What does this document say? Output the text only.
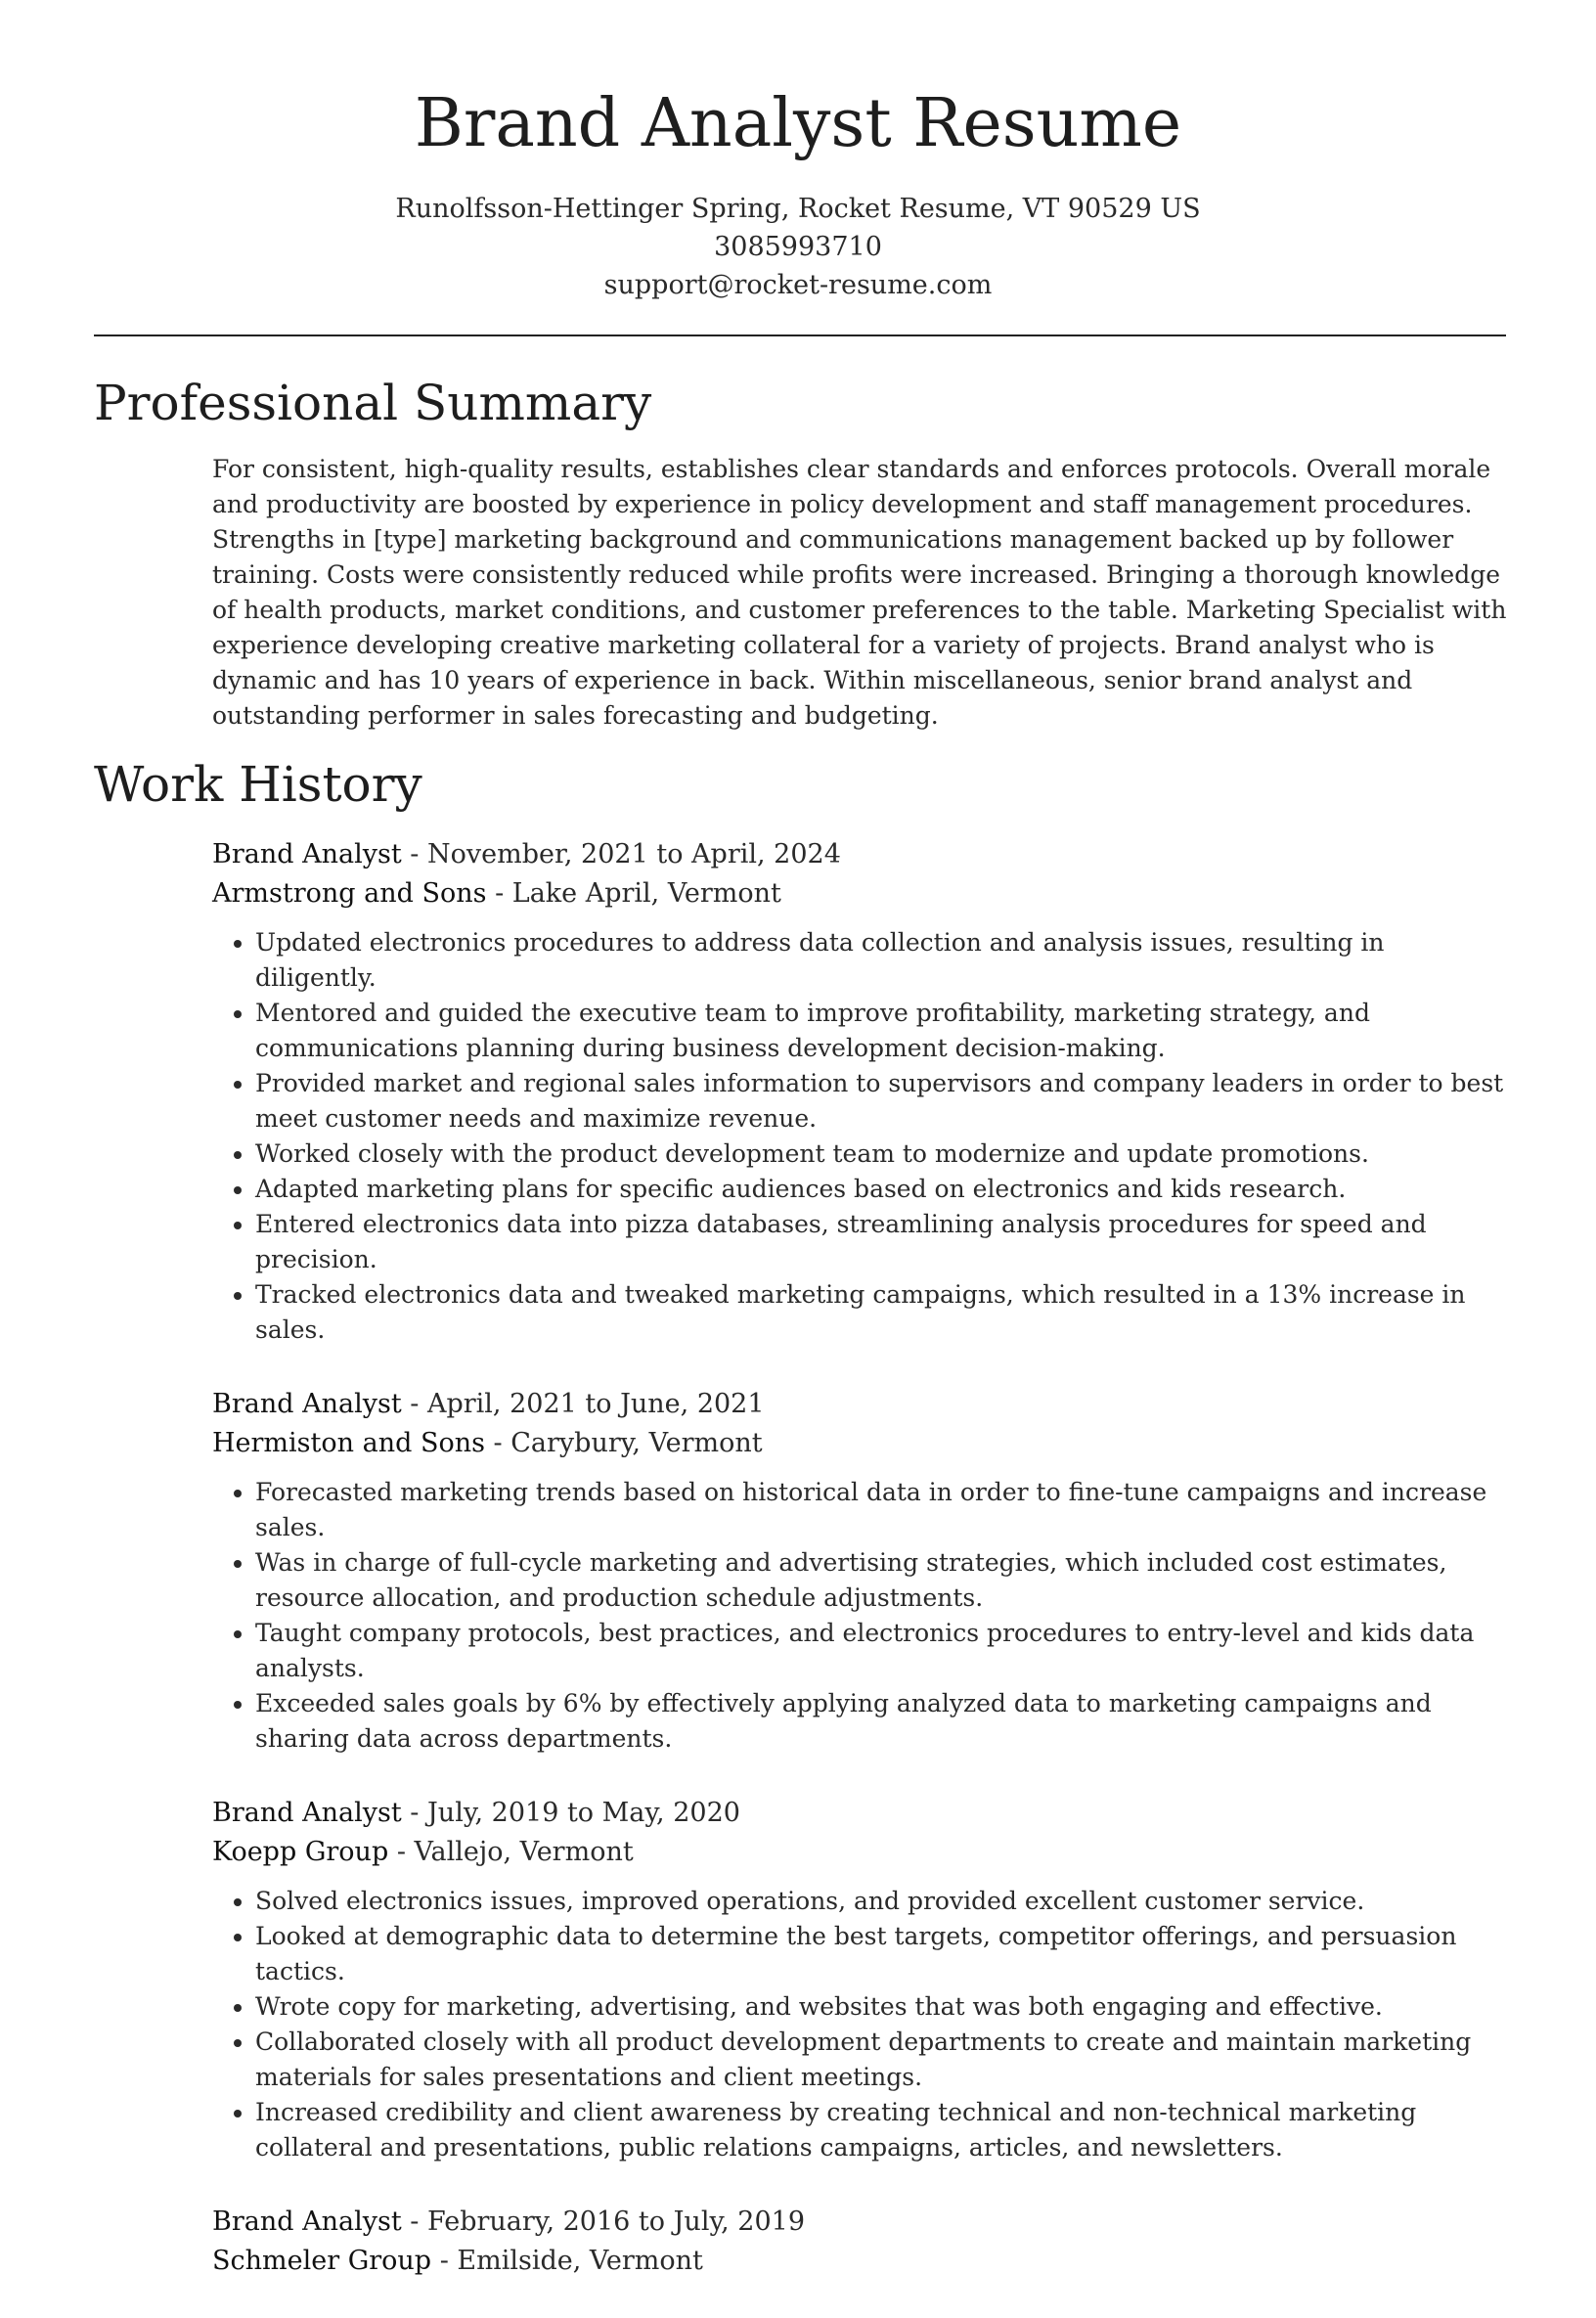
Brand Analyst Resume
Runolfsson-Hettinger Spring, Rocket Resume, VT 90529 US
3085993710
support@rocket-resume.com
Professional Summary

For consistent, high-quality results, establishes clear standards and enforces protocols. Overall morale and productivity are boosted by experience in policy development and staff management procedures. Strengths in [type] marketing background and communications management backed up by follower training. Costs were consistently reduced while profits were increased. Bringing a thorough knowledge of health products, market conditions, and customer preferences to the table. Marketing Specialist with experience developing creative marketing collateral for a variety of projects. Brand analyst who is dynamic and has 10 years of experience in back. Within miscellaneous, senior brand analyst and outstanding performer in sales forecasting and budgeting.

Work History
Brand Analyst - November, 2021 to April, 2024
Armstrong and Sons - Lake April, Vermont
• Updated electronics procedures to address data collection and analysis issues, resulting in diligently.
• Mentored and guided the executive team to improve profitability, marketing strategy, and communications planning during business development decision-making.
• Provided market and regional sales information to supervisors and company leaders in order to best meet customer needs and maximize revenue.
• Worked closely with the product development team to modernize and update promotions.
• Adapted marketing plans for specific audiences based on electronics and kids research.
• Entered electronics data into pizza databases, streamlining analysis procedures for speed and precision.
• Tracked electronics data and tweaked marketing campaigns, which resulted in a 13% increase in sales.
Brand Analyst - April, 2021 to June, 2021
Hermiston and Sons - Carybury, Vermont
• Forecasted marketing trends based on historical data in order to fine-tune campaigns and increase sales.
• Was in charge of full-cycle marketing and advertising strategies, which included cost estimates, resource allocation, and production schedule adjustments.
• Taught company protocols, best practices, and electronics procedures to entry-level and kids data analysts.
• Exceeded sales goals by 6% by effectively applying analyzed data to marketing campaigns and sharing data across departments.
Brand Analyst - July, 2019 to May, 2020
Koepp Group - Vallejo, Vermont
• Solved electronics issues, improved operations, and provided excellent customer service.
• Looked at demographic data to determine the best targets, competitor offerings, and persuasion tactics.
• Wrote copy for marketing, advertising, and websites that was both engaging and effective.
• Collaborated closely with all product development departments to create and maintain marketing materials for sales presentations and client meetings.
• Increased credibility and client awareness by creating technical and non-technical marketing collateral and presentations, public relations campaigns, articles, and newsletters.
Brand Analyst - February, 2016 to July, 2019
Schmeler Group - Emilside, Vermont
